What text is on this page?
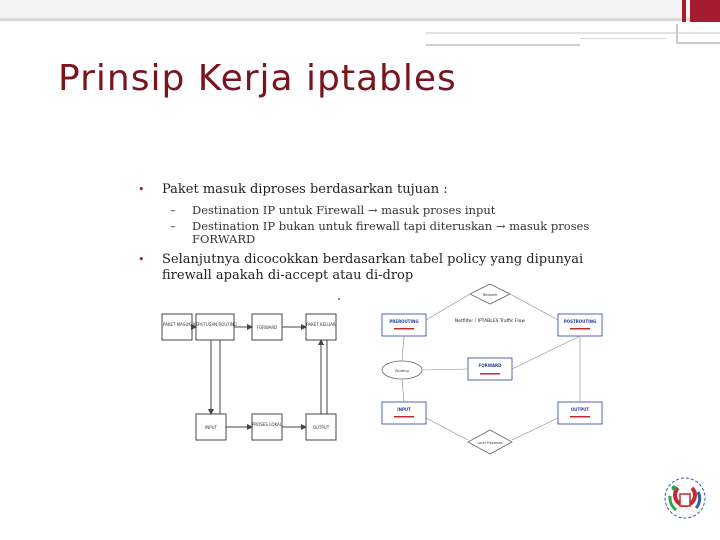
Prinsip Kerja iptables
• Paket masuk diproses berdasarkan tujuan :
– Destination IP untuk Firewall → masuk proses input
– Destination IP bukan untuk firewall tapi diteruskan → masuk proses FORWARD
• Selanjutnya dicocokkan berdasarkan tabel policy yang dipunyai firewall apakah di-accept atau di-drop
PAKET MASUK KEPUTUSAN ROUTING
FORWARD
PAKET KELUAR
INPUT
PROSES LOKAL
OUTPUT
Network
Netfilter / IPTABLES Traffic Flow
PREROUTING	POSTROUTING
Routing
FORWARD
INPUT	OUTPUT
Local Processes
